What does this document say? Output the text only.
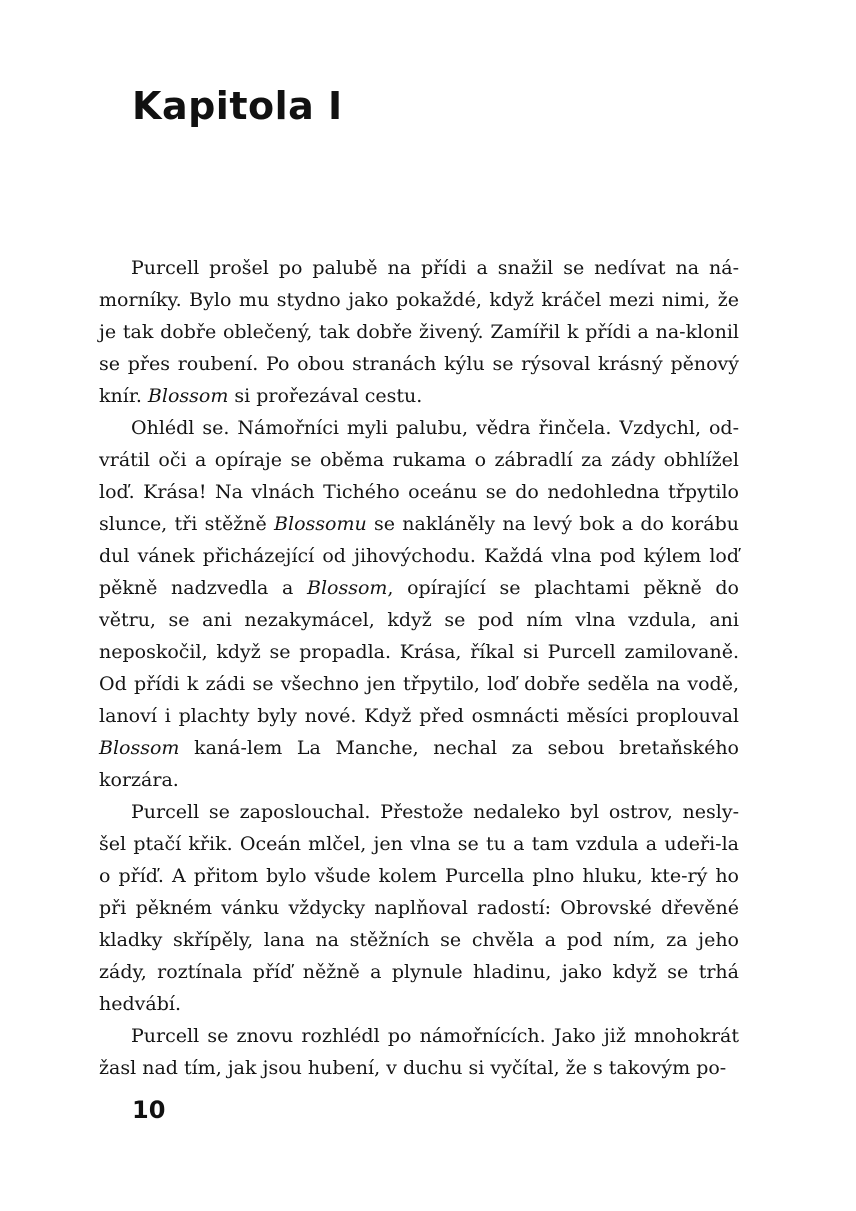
Kapitola I

Purcell prošel po palubě na přídi a snažil se nedívat na ná-morníky. Bylo mu stydno jako pokaždé, když kráčel mezi nimi, že je tak dobře oblečený, tak dobře živený. Zamířil k přídi a na-klonil se přes roubení. Po obou stranách kýlu se rýsoval krásný pěnový knír. Blossom si prořezával cestu.

Ohlédl se. Námořníci myli palubu, vědra řinčela. Vzdychl, od-vrátil oči a opíraje se oběma rukama o zábradlí za zády obhlížel loď. Krása! Na vlnách Tichého oceánu se do nedohledna třpytilo slunce, tři stěžně Blossomu se nakláněly na levý bok a do korábu dul vánek přicházející od jihovýchodu. Každá vlna pod kýlem loď pěkně nadzvedla a Blossom, opírající se plachtami pěkně do větru, se ani nezakymácel, když se pod ním vlna vzdula, ani neposkočil, když se propadla. Krása, říkal si Purcell zamilovaně. Od přídi k zádi se všechno jen třpytilo, loď dobře seděla na vodě, lanoví i plachty byly nové. Když před osmnácti měsíci proplouval Blossom kaná-lem La Manche, nechal za sebou bretaňského korzára.

Purcell se zaposlouchal. Přestože nedaleko byl ostrov, nesly-šel ptačí křik. Oceán mlčel, jen vlna se tu a tam vzdula a udeři-la o příď. A přitom bylo všude kolem Purcella plno hluku, kte-rý ho při pěkném vánku vždycky naplňoval radostí: Obrovské dřevěné kladky skřípěly, lana na stěžních se chvěla a pod ním, za jeho zády, roztínala příď něžně a plynule hladinu, jako když se trhá hedvábí.

Purcell se znovu rozhlédl po námořnících. Jako již mnohokrát žasl nad tím, jak jsou hubení, v duchu si vyčítal, že s takovým po-

10
